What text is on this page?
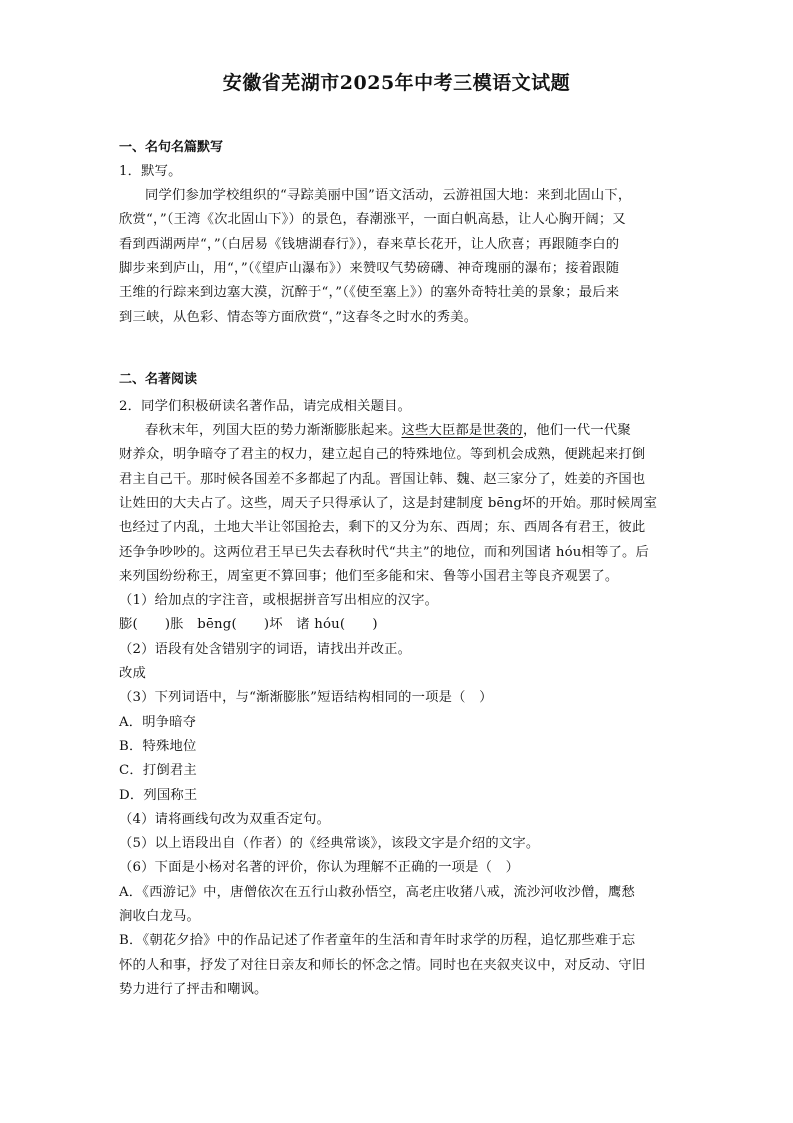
安徽省芜湖市2025年中考三模语文试题
一、名句名篇默写
1．默写。
同学们参加学校组织的“寻踪美丽中国”语文活动，云游祖国大地：来到北固山下，
欣赏“，”（王湾《次北固山下》）的景色，春潮涨平，一面白帆高悬，让人心胸开阔；又
看到西湖两岸“，”（白居易《钱塘湖春行》），春来草长花开，让人欣喜；再跟随李白的
脚步来到庐山，用“，”（《望庐山瀑布》）来赞叹气势磅礴、神奇瑰丽的瀑布；接着跟随
王维的行踪来到边塞大漠，沉醉于“，”（《使至塞上》）的塞外奇特壮美的景象；最后来
到三峡，从色彩、情态等方面欣赏“，”这春冬之时水的秀美。
二、名著阅读
2．同学们积极研读名著作品，请完成相关题目。
春秋末年，列国大臣的势力渐渐膨胀起来。这些大臣都是世袭的，他们一代一代聚
财养众，明争暗夺了君主的权力，建立起自己的特殊地位。等到机会成熟，便跳起来打倒
君主自己干。那时候各国差不多都起了内乱。晋国让韩、魏、赵三家分了，姓姜的齐国也
让姓田的大夫占了。这些，周天子只得承认了，这是封建制度 bēng坏的开始。那时候周室
也经过了内乱，土地大半让邻国抢去，剩下的又分为东、西周；东、西周各有君王，彼此
还争争吵吵的。这两位君王早已失去春秋时代“共主”的地位，而和列国诸 hóu相等了。后
来列国纷纷称王，周室更不算回事；他们至多能和宋、鲁等小国君主等良齐观罢了。
（1）给加点的字注音，或根据拼音写出相应的汉字。
膨(　　)胀　bēng(　　)坏　诸 hóu(　　)
（2）语段有处含错别字的词语，请找出并改正。
改成
（3）下列词语中，与“渐渐膨胀”短语结构相同的一项是（　）
A．明争暗夺
B．特殊地位
C．打倒君主
D．列国称王
（4）请将画线句改为双重否定句。
（5）以上语段出自（作者）的《经典常谈》，该段文字是介绍的文字。
（6）下面是小杨对名著的评价，你认为理解不正确的一项是（　）
A．《西游记》中，唐僧依次在五行山救孙悟空，高老庄收猪八戒，流沙河收沙僧，鹰愁
涧收白龙马。
B．《朝花夕拾》中的作品记述了作者童年的生活和青年时求学的历程，追忆那些难于忘
怀的人和事，抒发了对往日亲友和师长的怀念之情。同时也在夹叙夹议中，对反动、守旧
势力进行了抨击和嘲讽。
